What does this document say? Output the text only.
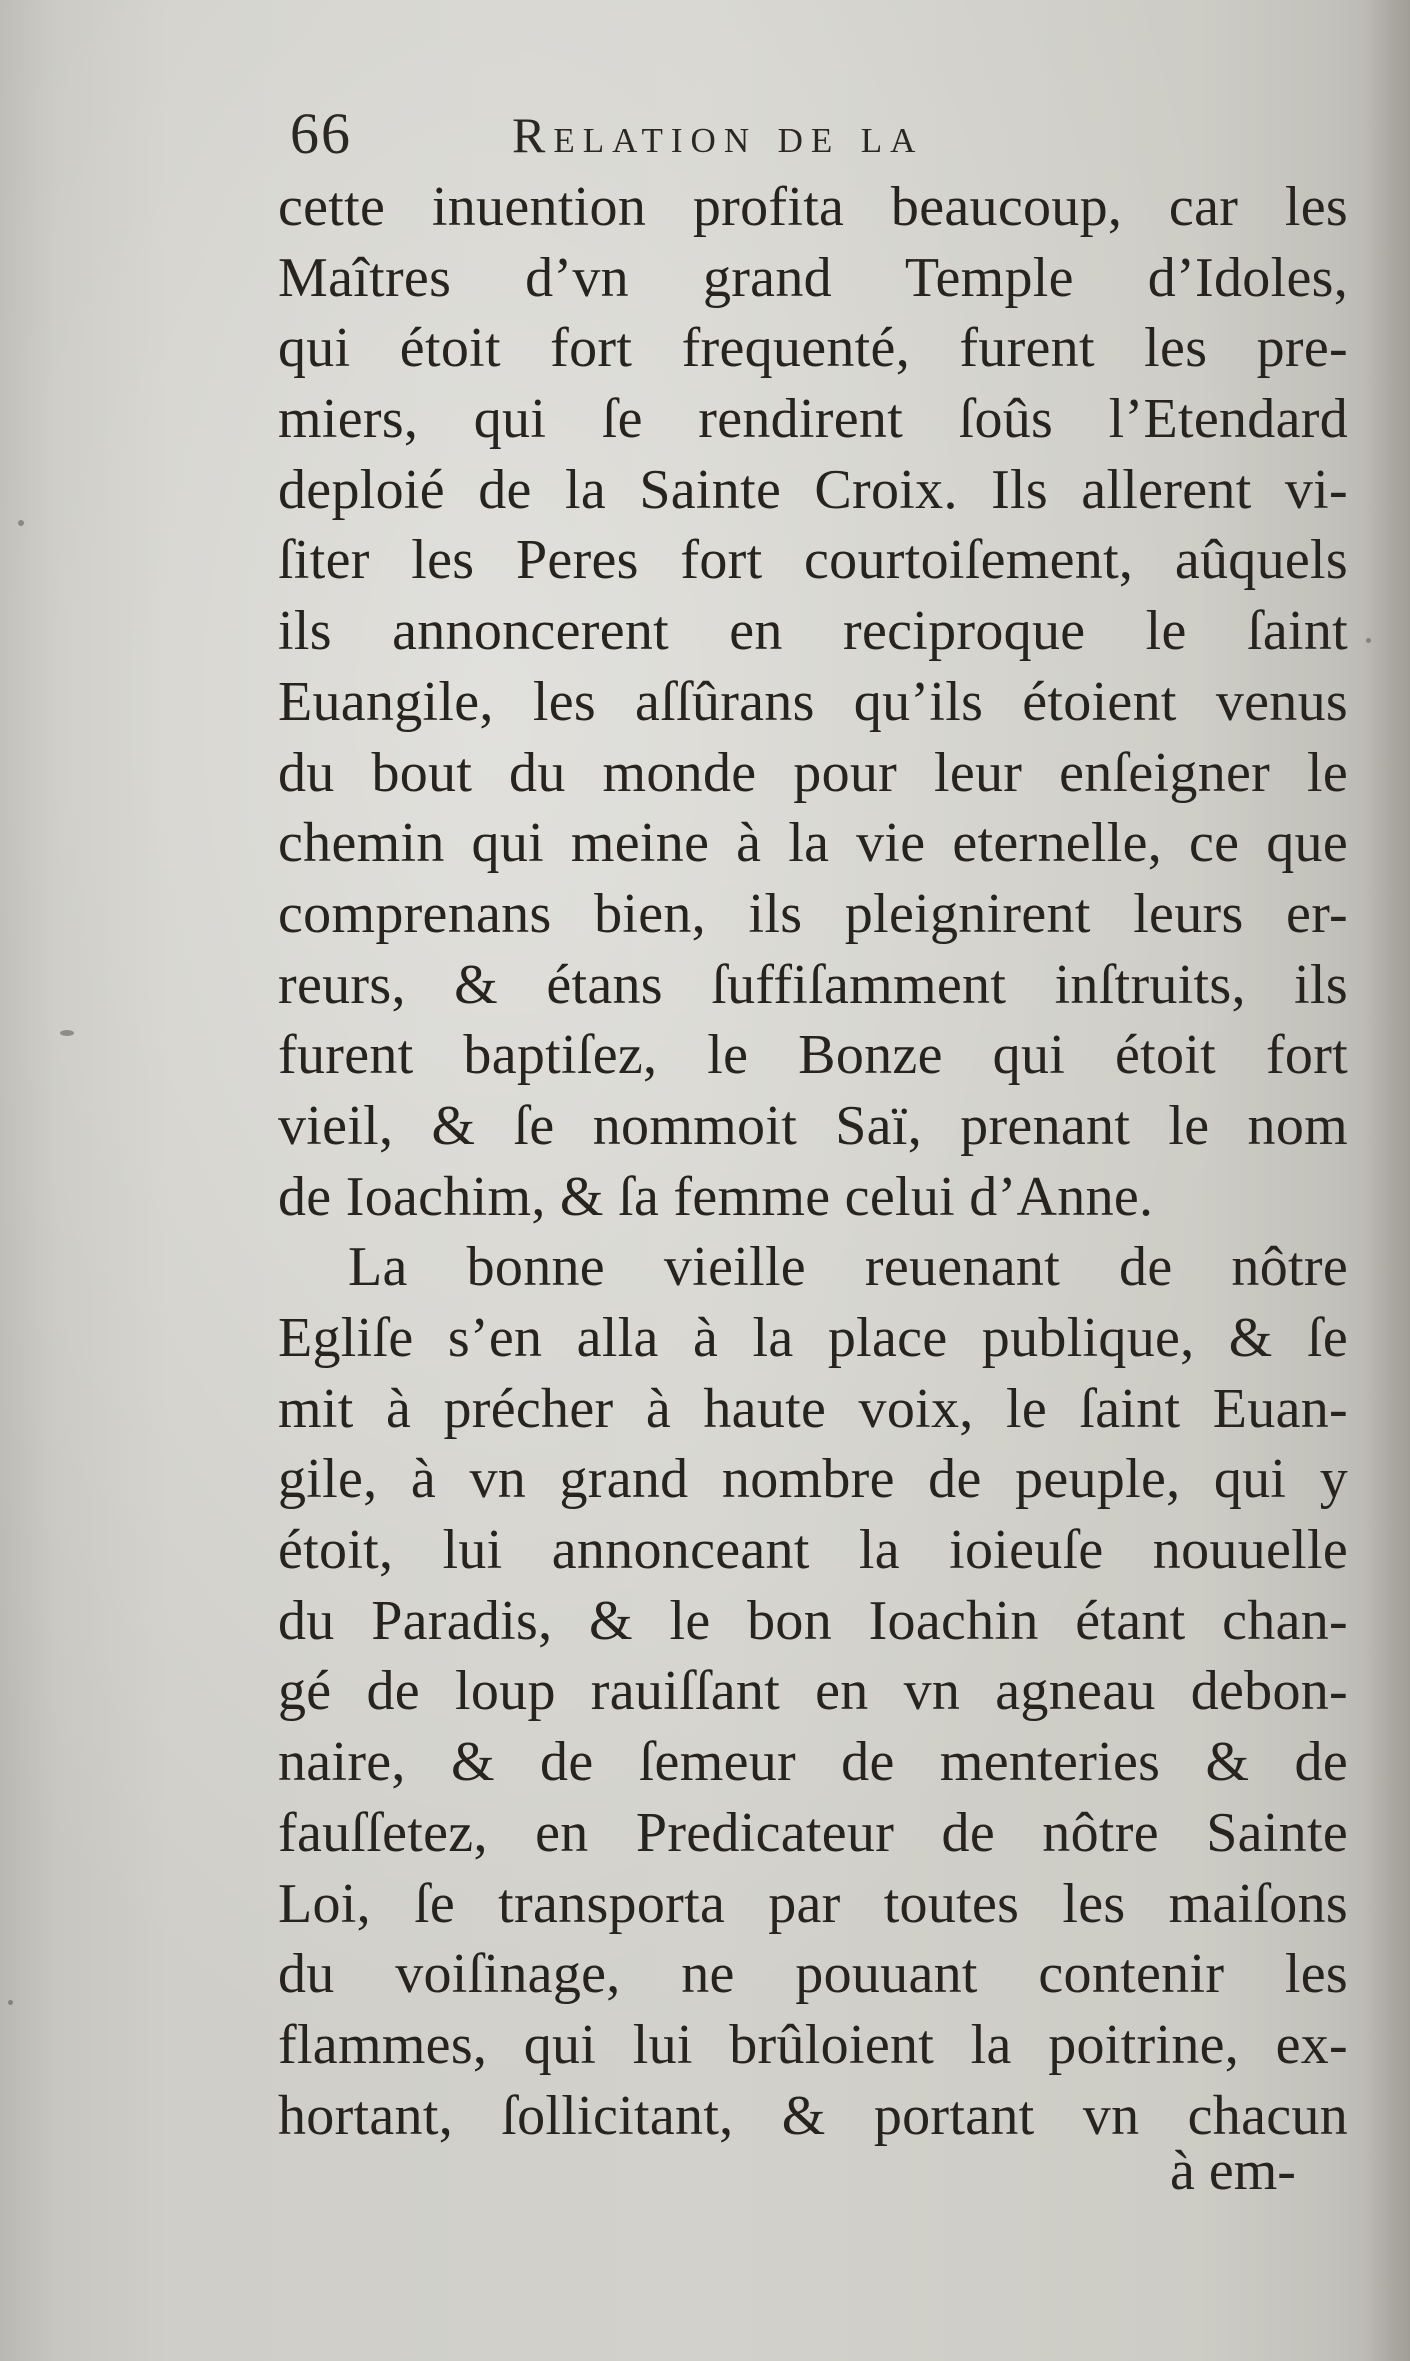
66	Relation de la
cette inuention profita beaucoup, car les
Maîtres d’vn grand Temple d’Idoles,
qui étoit fort frequenté, furent les pre-
miers, qui ſe rendirent ſoûs l’Etendard
deploié de la Sainte Croix. Ils allerent vi-
ſiter les Peres fort courtoiſement, aûquels
ils annoncerent en reciproque le ſaint
Euangile, les aſſûrans qu’ils étoient venus
du bout du monde pour leur enſeigner le
chemin qui meine à la vie eternelle, ce que
comprenans bien, ils pleignirent leurs er-
reurs, & étans ſuffiſamment inſtruits, ils
furent baptiſez, le Bonze qui étoit fort
vieil, & ſe nommoit Saï, prenant le nom
de Ioachim, & ſa femme celui d’Anne.
La bonne vieille reuenant de nôtre
Egliſe s’en alla à la place publique, & ſe
mit à précher à haute voix, le ſaint Euan-
gile, à vn grand nombre de peuple, qui y
étoit, lui annonceant la ioieuſe nouuelle
du Paradis, & le bon Ioachin étant chan-
gé de loup rauiſſant en vn agneau debon-
naire, & de ſemeur de menteries & de
fauſſetez, en Predicateur de nôtre Sainte
Loi, ſe transporta par toutes les maiſons
du voiſinage, ne pouuant contenir les
flammes, qui lui brûloient la poitrine, ex-
hortant, ſollicitant, & portant vn chacun
à em-
